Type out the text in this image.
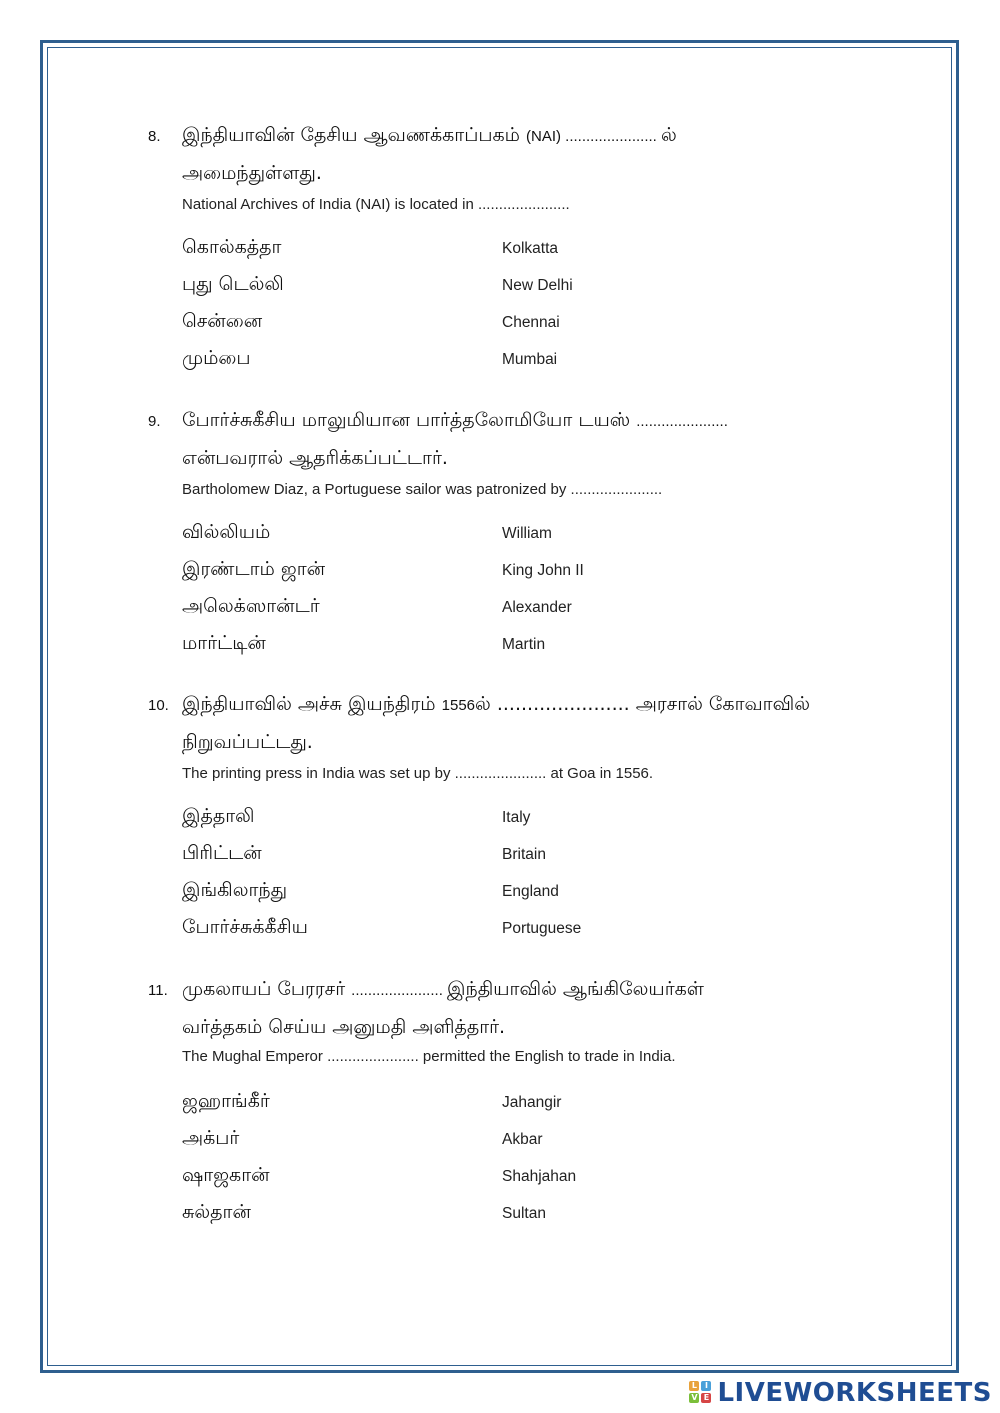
8. இந்தியாவின் தேசிய ஆவணக்காப்பகம் (NAI) ...................... ல்
அமைந்துள்ளது.
National Archives of India (NAI) is located in ......................
கொல்கத்தா	Kolkatta
புது டெல்லி	New Delhi
சென்னை	Chennai
மும்பை	Mumbai
9. போர்ச்சுகீசிய மாலுமியான பார்த்தலோமியோ டயஸ் ......................
என்பவரால் ஆதரிக்கப்பட்டார்.
Bartholomew Diaz, a Portuguese sailor was patronized by ......................
வில்லியம்	William
இரண்டாம் ஜான்	King John II
அலெக்ஸான்டர்	Alexander
மார்ட்டின்	Martin
10. இந்தியாவில் அச்சு இயந்திரம் 1556ல் ...................... அரசால் கோவாவில்
நிறுவப்பட்டது.
The printing press in India was set up by ...................... at Goa in 1556.
இத்தாலி	Italy
பிரிட்டன்	Britain
இங்கிலாந்து	England
போர்ச்சுக்கீசிய	Portuguese
11. முகலாயப் பேரரசர் ...................... இந்தியாவில் ஆங்கிலேயர்கள்
வர்த்தகம் செய்ய அனுமதி அளித்தார்.
The Mughal Emperor ...................... permitted the English to trade in India.
ஜஹாங்கீர்	Jahangir
அக்பர்	Akbar
ஷாஜகான்	Shahjahan
சுல்தான்	Sultan
L I
V E LIVEWORKSHEETS
